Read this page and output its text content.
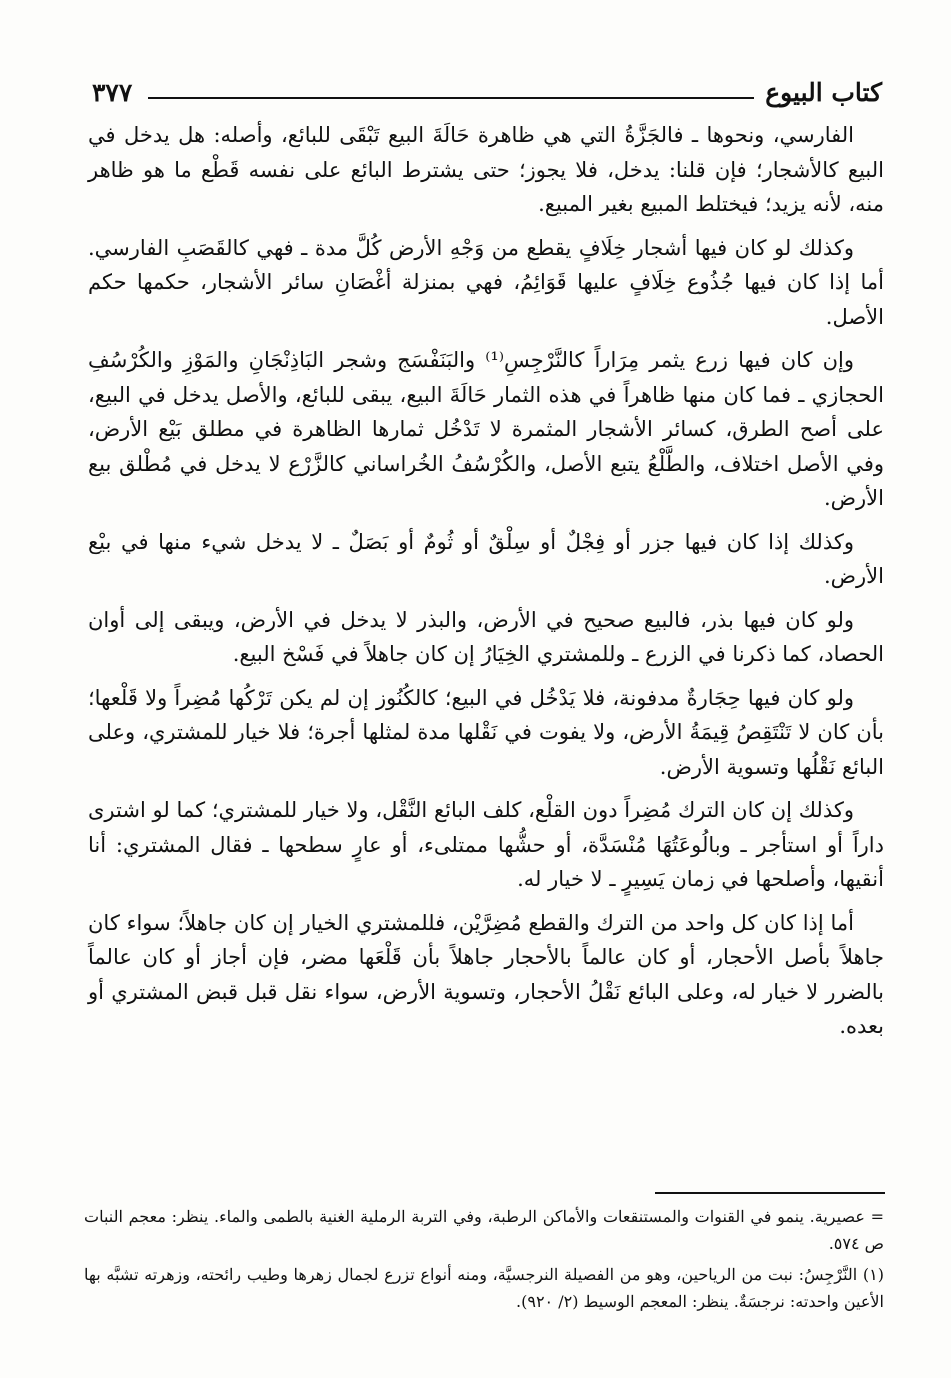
كتاب البيوع
٣٧٧

الفارسي، ونحوها ـ فالجَزَّةُ التي هي ظاهرة حَالَةَ البيع تَبْقَى للبائع، وأصله: هل يدخل في البيع كالأشجار؛ فإن قلنا: يدخل، فلا يجوز؛ حتى يشترط البائع على نفسه قَطْع ما هو ظاهر منه، لأنه يزيد؛ فيختلط المبيع بغير المبيع.

وكذلك لو كان فيها أشجار خِلَافٍ يقطع من وَجْهِ الأرض كُلَّ مدة ـ فهي كالقَصَبِ الفارسي. أما إذا كان فيها جُذُوع خِلَافٍ عليها قَوَائِمُ، فهي بمنزلة أغْصَانِ سائر الأشجار، حكمها حكم الأصل.

وإن كان فيها زرع يثمر مِرَاراً كالنَّرْجِسِ⁽¹⁾ والبَنَفْسَج وشجر البَاذِنْجَانِ والمَوْزِ والكُرْسُفِ الحجازي ـ فما كان منها ظاهراً في هذه الثمار حَالَةَ البيع، يبقى للبائع، والأصل يدخل في البيع، على أصح الطرق، كسائر الأشجار المثمرة لا تَدْخُل ثمارها الظاهرة في مطلق بَيْع الأرض، وفي الأصل اختلاف، والطَّلْعُ يتبع الأصل، والكُرْسُفُ الخُراساني كالزَّرْع لا يدخل في مُطْلق بيع الأرض.

وكذلك إذا كان فيها جزر أو فِجْلٌ أو سِلْقٌ أو ثُومٌ أو بَصَلٌ ـ لا يدخل شيء منها في بيْع الأرض.

ولو كان فيها بذر، فالبيع صحيح في الأرض، والبذر لا يدخل في الأرض، ويبقى إلى أوان الحصاد، كما ذكرنا في الزرع ـ وللمشتري الخِيَارُ إن كان جاهلاً في فَسْخ البيع.

ولو كان فيها حِجَارةٌ مدفونة، فلا يَدْخُل في البيع؛ كالكُنُوز إن لم يكن تَرْكُها مُضِراً ولا قَلْعها؛ بأن كان لا تَنْتَقِصُ قِيمَةُ الأرض، ولا يفوت في نَقْلها مدة لمثلها أجرة؛ فلا خيار للمشتري، وعلى البائع نَقْلُها وتسوية الأرض.

وكذلك إن كان الترك مُضِراً دون القلْع، كلف البائع النَّقْل، ولا خيار للمشتري؛ كما لو اشترى داراً أو استأجر ـ وبالُوعَتُهَا مُنْسَدَّة، أو حشُّها ممتلىء، أو عارٍ سطحها ـ فقال المشتري: أنا أنقيها، وأصلحها في زمان يَسِيرٍ ـ لا خيار له.

أما إذا كان كل واحد من الترك والقطع مُضِرَّيْن، فللمشتري الخيار إن كان جاهلاً؛ سواء كان جاهلاً بأصل الأحجار، أو كان عالماً بالأحجار جاهلاً بأن قَلْعَها مضر، فإن أجاز أو كان عالماً بالضرر لا خيار له، وعلى البائع نَقْلُ الأحجار، وتسوية الأرض، سواء نقل قبل قبض المشتري أو بعده.

= عصيرية. ينمو في القنوات والمستنقعات والأماكن الرطبة، وفي التربة الرملية الغنية بالطمى والماء. ينظر: معجم النبات ص ٥٧٤.

(١) النَّرْجِسُ: نبت من الرياحين، وهو من الفصيلة النرجسيَّة، ومنه أنواع تزرع لجمال زهرها وطيب رائحته، وزهرته تشبَّه بها الأعين واحدته: نرجسَةٌ. ينظر: المعجم الوسيط (٢/ ٩٢٠).
